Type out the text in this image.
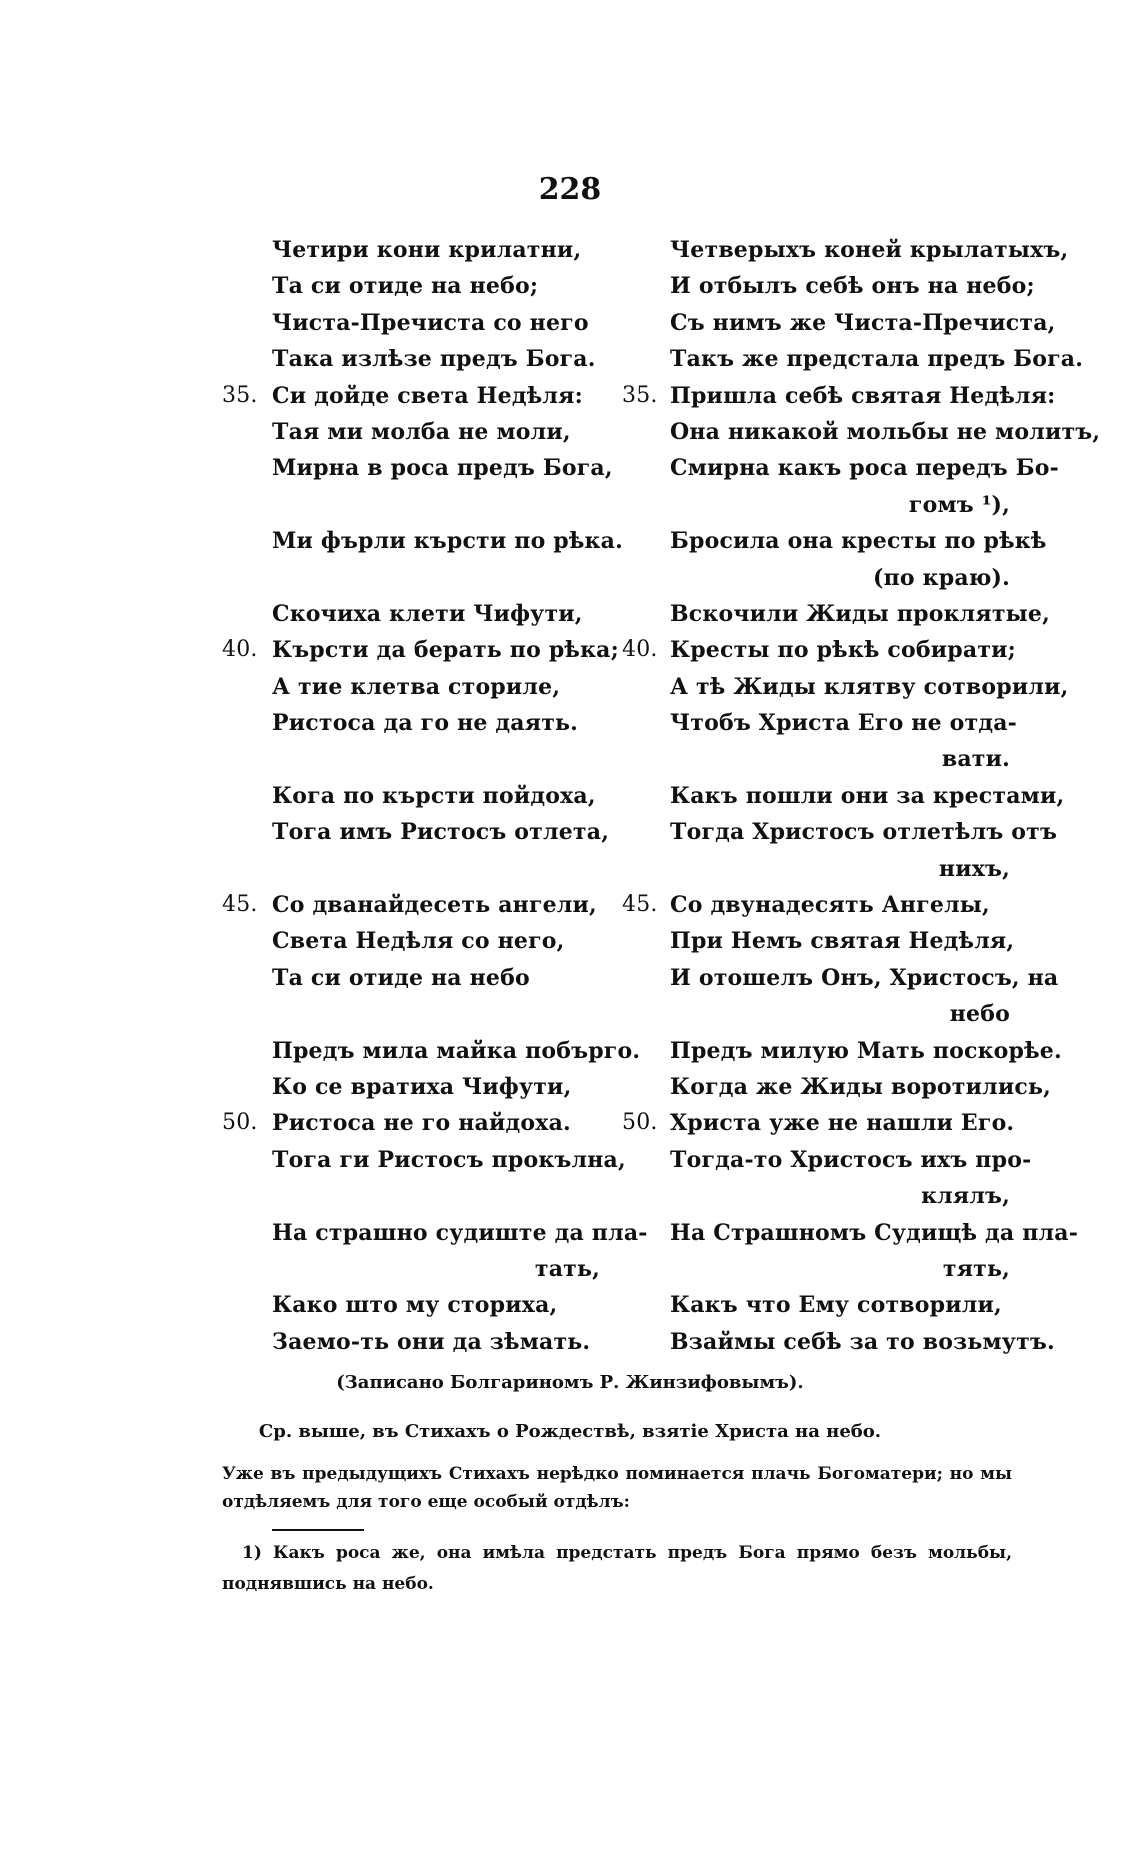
228
Четири кони крилатни,
Та си отиде на небо;
Чиста-Пречиста со него
Така излѣзе предъ Бога.
35. Си дойде света Недѣля:
Тая ми молба не моли,
Мирна в роса предъ Бога,
Ми фърли кърсти по рѣка.
Скочиха клети Чифути,
40. Кърсти да берать по рѣка;
А тие клетва сториле,
Ристоса да го не даять.
Кога по кърсти пойдоха,
Тога имъ Ристосъ отлета,
45. Со дванайдесеть ангели,
Света Недѣля со него,
Та си отиде на небо
Предъ мила майка побърго.
Ко се вратиха Чифути,
50. Ристоса не го найдоха.
Тога ги Ристосъ прокълна,
На страшно судиште да пла-
тать,
Како што му сториха,
Заемо-ть они да зѣмать.
Четверыхъ коней крылатыхъ,
И отбылъ себѣ онъ на небо;
Съ нимъ же Чиста-Пречиста,
Такъ же предстала предъ Бога.
35. Пришла себѣ святая Недѣля:
Она никакой мольбы не молитъ,
Смирна какъ роса передъ Бо-
гомъ ¹),
Бросила она кресты по рѣкѣ
(по краю).
Вскочили Жиды проклятые,
40. Кресты по рѣкѣ собирати;
А тѣ Жиды клятву сотворили,
Чтобъ Христа Его не отда-
вати.
Какъ пошли они за крестами,
Тогда Христосъ отлетѣлъ отъ
нихъ,
45. Со двунадесять Ангелы,
При Немъ святая Недѣля,
И отошелъ Онъ, Христосъ, на
небо
Предъ милую Мать поскорѣе.
Когда же Жиды воротились,
50. Христа уже не нашли Его.
Тогда-то Христосъ ихъ про-
клялъ,
На Страшномъ Судищѣ да пла-
тять,
Какъ что Ему сотворили,
Взаймы себѣ за то возьмутъ.
(Записано Болгариномъ Р. Жинзифовымъ).
Ср. выше, въ Стихахъ о Рождествѣ, взятіе Христа на небо.
Уже въ предыдущихъ Стихахъ нерѣдко поминается плачь Богоматери; но мы отдѣляемъ для того еще особый отдѣлъ:
1) Какъ роса же, она имѣла предстать предъ Бога прямо безъ мольбы, поднявшись на небо.
